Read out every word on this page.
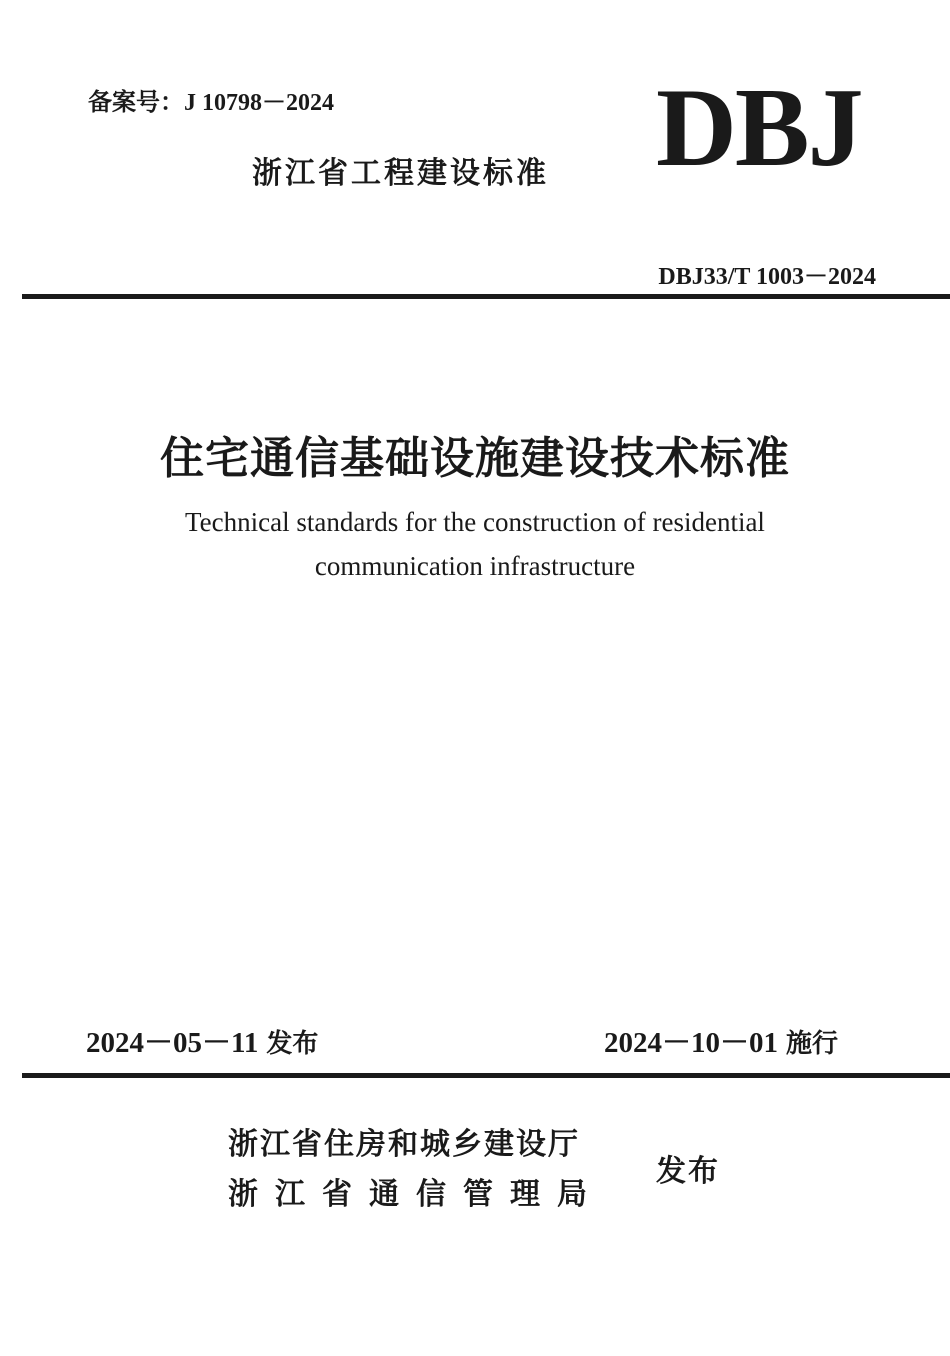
备案号：J 10798－2024
浙江省工程建设标准 DBJ
DBJ33/T 1003－2024
住宅通信基础设施建设技术标准
Technical standards for the construction of residential
communication infrastructure
2024－05－11 发布	2024－10－01 施行
浙江省住房和城乡建设厅
浙江省通信管理局
发布
